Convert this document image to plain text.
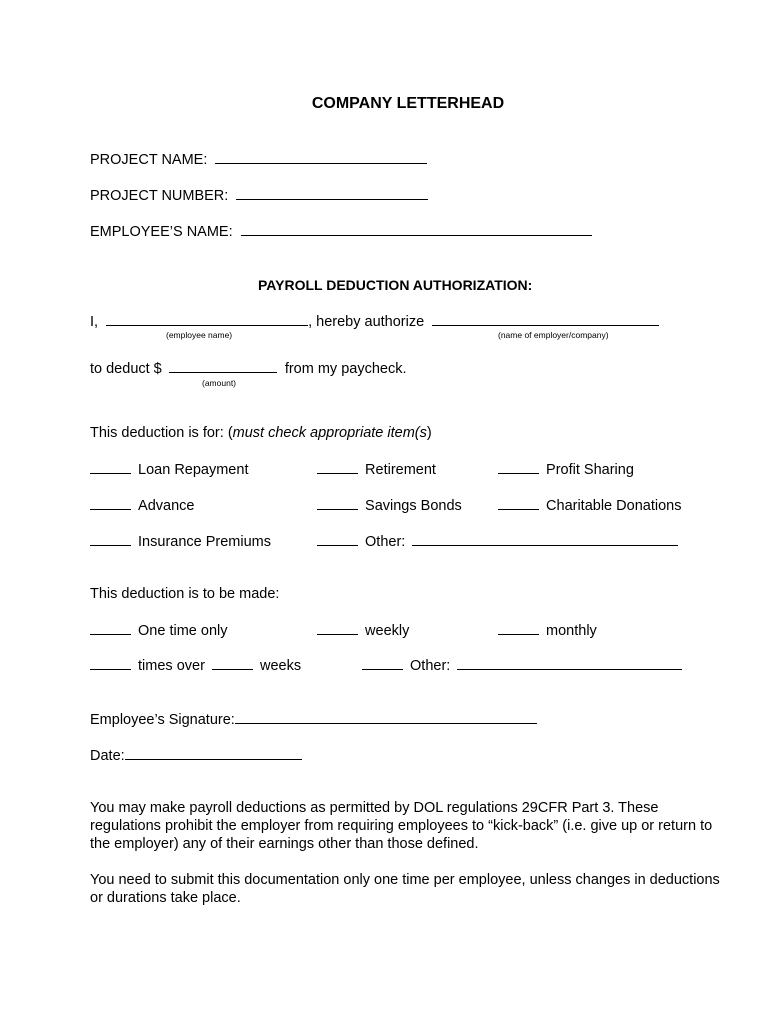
COMPANY LETTERHEAD
PROJECT NAME:
PROJECT NUMBER:
EMPLOYEE’S NAME:
PAYROLL DEDUCTION AUTHORIZATION:
I,	, hereby authorize
(employee name)	(name of employer/company)
to deduct $	from my paycheck.
(amount)
This deduction is for: (must check appropriate item(s)
Loan Repayment	Retirement	Profit Sharing
Advance	Savings Bonds	Charitable Donations
Insurance Premiums	Other:
This deduction is to be made:
One time only	weekly	monthly
times over	weeks	Other:
Employee’s Signature:
Date:
You may make payroll deductions as permitted by DOL regulations 29CFR Part 3. These regulations prohibit the employer from requiring employees to “kick-back” (i.e. give up or return to the employer) any of their earnings other than those defined.
You need to submit this documentation only one time per employee, unless changes in deductions or durations take place.
